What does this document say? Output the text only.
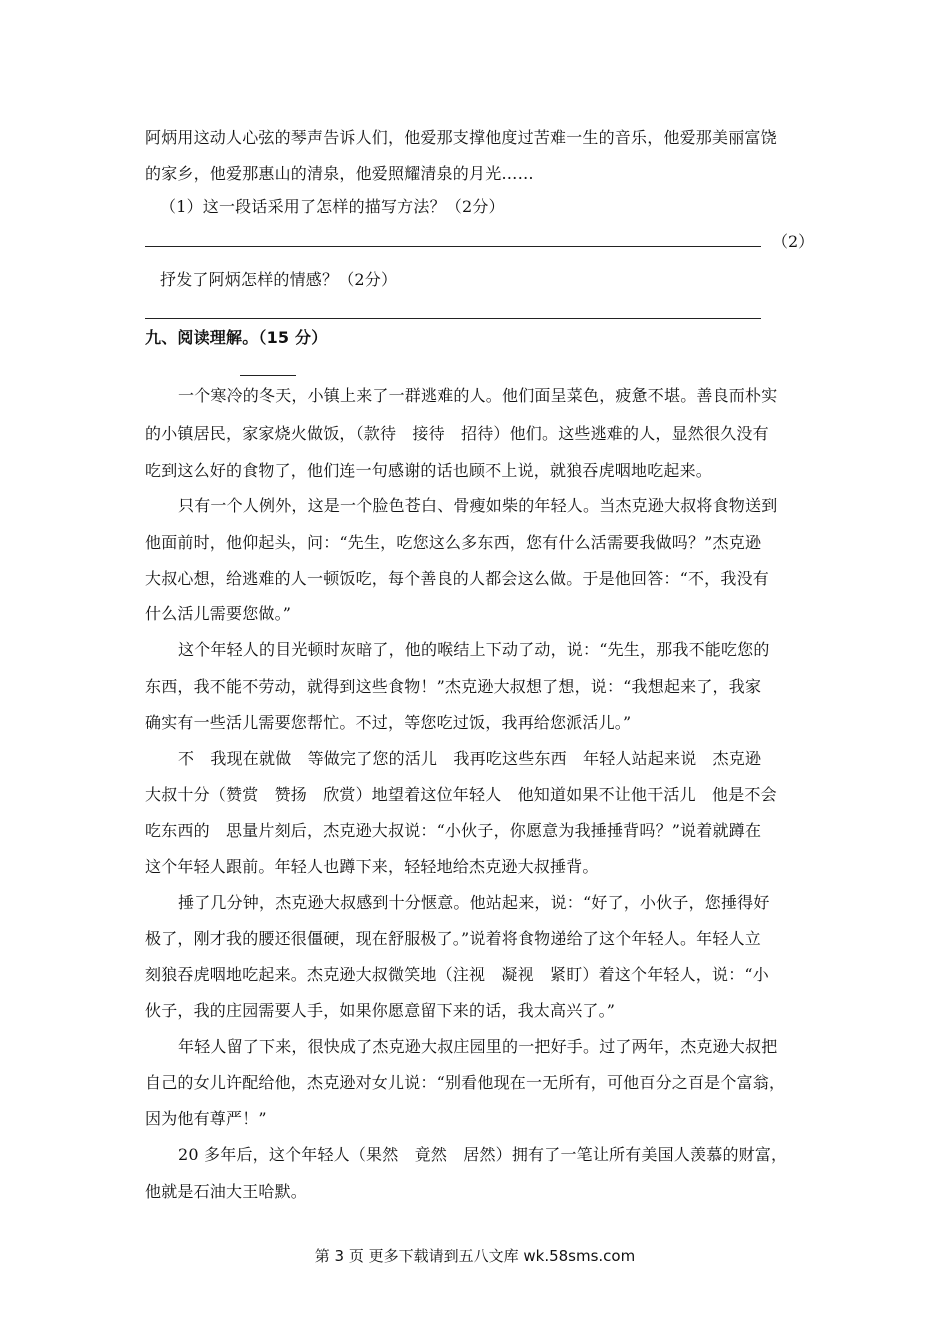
阿炳用这动人心弦的琴声告诉人们，他爱那支撑他度过苦难一生的音乐，他爱那美丽富饶
的家乡，他爱那惠山的清泉，他爱照耀清泉的月光……
（1）这一段话采用了怎样的描写方法？（2分）
（2）
抒发了阿炳怎样的情感？（2分）
九、阅读理解。（15 分）
一个寒冷的冬天，小镇上来了一群逃难的人。他们面呈菜色，疲惫不堪。善良而朴实
的小镇居民，家家烧火做饭，（款待　接待　招待）他们。这些逃难的人，显然很久没有
吃到这么好的食物了，他们连一句感谢的话也顾不上说，就狼吞虎咽地吃起来。
只有一个人例外，这是一个脸色苍白、骨瘦如柴的年轻人。当杰克逊大叔将食物送到
他面前时，他仰起头，问：“先生，吃您这么多东西，您有什么活需要我做吗？”杰克逊
大叔心想，给逃难的人一顿饭吃，每个善良的人都会这么做。于是他回答：“不，我没有
什么活儿需要您做。”
这个年轻人的目光顿时灰暗了，他的喉结上下动了动，说：“先生，那我不能吃您的
东西，我不能不劳动，就得到这些食物！”杰克逊大叔想了想，说：“我想起来了，我家
确实有一些活儿需要您帮忙。不过，等您吃过饭，我再给您派活儿。”
不　我现在就做　等做完了您的活儿　我再吃这些东西　年轻人站起来说　杰克逊
大叔十分（赞赏　赞扬　欣赏）地望着这位年轻人　他知道如果不让他干活儿　他是不会
吃东西的　思量片刻后，杰克逊大叔说：“小伙子，你愿意为我捶捶背吗？”说着就蹲在
这个年轻人跟前。年轻人也蹲下来，轻轻地给杰克逊大叔捶背。
捶了几分钟，杰克逊大叔感到十分惬意。他站起来，说：“好了，小伙子，您捶得好
极了，刚才我的腰还很僵硬，现在舒服极了。”说着将食物递给了这个年轻人。年轻人立
刻狼吞虎咽地吃起来。杰克逊大叔微笑地（注视　凝视　紧盯）着这个年轻人，说：“小
伙子，我的庄园需要人手，如果你愿意留下来的话，我太高兴了。”
年轻人留了下来，很快成了杰克逊大叔庄园里的一把好手。过了两年，杰克逊大叔把
自己的女儿许配给他，杰克逊对女儿说：“别看他现在一无所有，可他百分之百是个富翁，
因为他有尊严！”
20 多年后，这个年轻人（果然　竟然　居然）拥有了一笔让所有美国人羡慕的财富，
他就是石油大王哈默。
第 3 页 更多下载请到五八文库 wk.58sms.com
